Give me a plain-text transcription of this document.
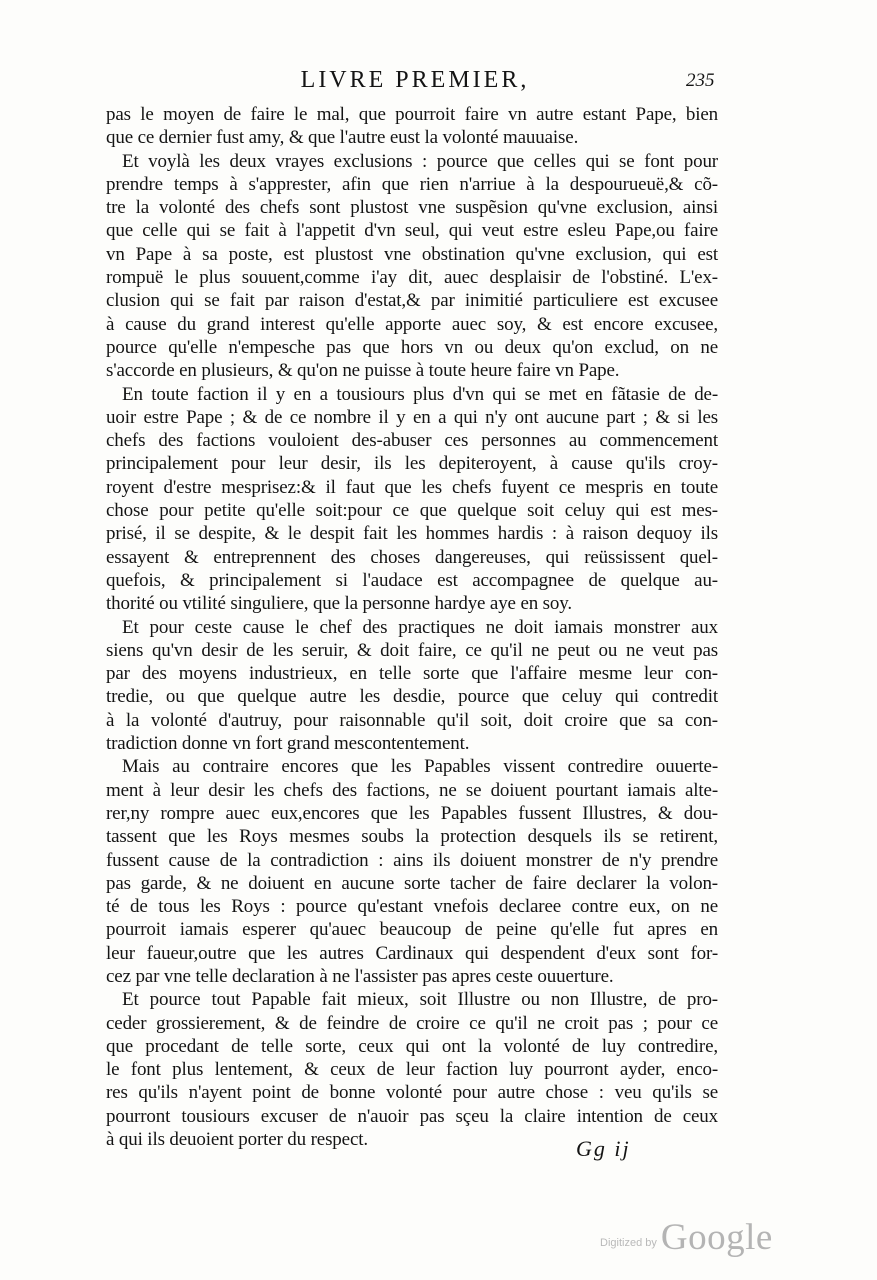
LIVRE PREMIER,	235
pas le moyen de faire le mal, que pourroit faire vn autre estant Pape, bien
que ce dernier fust amy, & que l'autre eust la volonté mauuaise.
Et voylà les deux vrayes exclusions : pource que celles qui se font pour
prendre temps à s'apprester, afin que rien n'arriue à la despourueuë,& cõ-
tre la volonté des chefs sont plustost vne suspẽsion qu'vne exclusion, ainsi
que celle qui se fait à l'appetit d'vn seul, qui veut estre esleu Pape,ou faire
vn Pape à sa poste, est plustost vne obstination qu'vne exclusion, qui est
rompuë le plus souuent,comme i'ay dit, auec desplaisir de l'obstiné. L'ex-
clusion qui se fait par raison d'estat,& par inimitié particuliere est excusee
à cause du grand interest qu'elle apporte auec soy, & est encore excusee,
pource qu'elle n'empesche pas que hors vn ou deux qu'on exclud, on ne
s'accorde en plusieurs, & qu'on ne puisse à toute heure faire vn Pape.
En toute faction il y en a tousiours plus d'vn qui se met en fãtasie de de-
uoir estre Pape ; & de ce nombre il y en a qui n'y ont aucune part ; & si les
chefs des factions vouloient des-abuser ces personnes au commencement
principalement pour leur desir, ils les depiteroyent, à cause qu'ils croy-
royent d'estre mesprisez:& il faut que les chefs fuyent ce mespris en toute
chose pour petite qu'elle soit:pour ce que quelque soit celuy qui est mes-
prisé, il se despite, & le despit fait les hommes hardis : à raison dequoy ils
essayent & entreprennent des choses dangereuses, qui reüssissent quel-
quefois, & principalement si l'audace est accompagnee de quelque au-
thorité ou vtilité singuliere, que la personne hardye aye en soy.
Et pour ceste cause le chef des practiques ne doit iamais monstrer aux
siens qu'vn desir de les seruir, & doit faire, ce qu'il ne peut ou ne veut pas
par des moyens industrieux, en telle sorte que l'affaire mesme leur con-
tredie, ou que quelque autre les desdie, pource que celuy qui contredit
à la volonté d'autruy, pour raisonnable qu'il soit, doit croire que sa con-
tradiction donne vn fort grand mescontentement.
Mais au contraire encores que les Papables vissent contredire ouuerte-
ment à leur desir les chefs des factions, ne se doiuent pourtant iamais alte-
rer,ny rompre auec eux,encores que les Papables fussent Illustres, & dou-
tassent que les Roys mesmes soubs la protection desquels ils se retirent,
fussent cause de la contradiction : ains ils doiuent monstrer de n'y prendre
pas garde, & ne doiuent en aucune sorte tacher de faire declarer la volon-
té de tous les Roys : pource qu'estant vnefois declaree contre eux, on ne
pourroit iamais esperer qu'auec beaucoup de peine qu'elle fut apres en
leur faueur,outre que les autres Cardinaux qui despendent d'eux sont for-
cez par vne telle declaration à ne l'assister pas apres ceste ouuerture.
Et pource tout Papable fait mieux, soit Illustre ou non Illustre, de pro-
ceder grossierement, & de feindre de croire ce qu'il ne croit pas ; pour ce
que procedant de telle sorte, ceux qui ont la volonté de luy contredire,
le font plus lentement, & ceux de leur faction luy pourront ayder, enco-
res qu'ils n'ayent point de bonne volonté pour autre chose : veu qu'ils se
pourront tousiours excuser de n'auoir pas sçeu la claire intention de ceux
à qui ils deuoient porter du respect.	Gg ij
Digitized by Google
